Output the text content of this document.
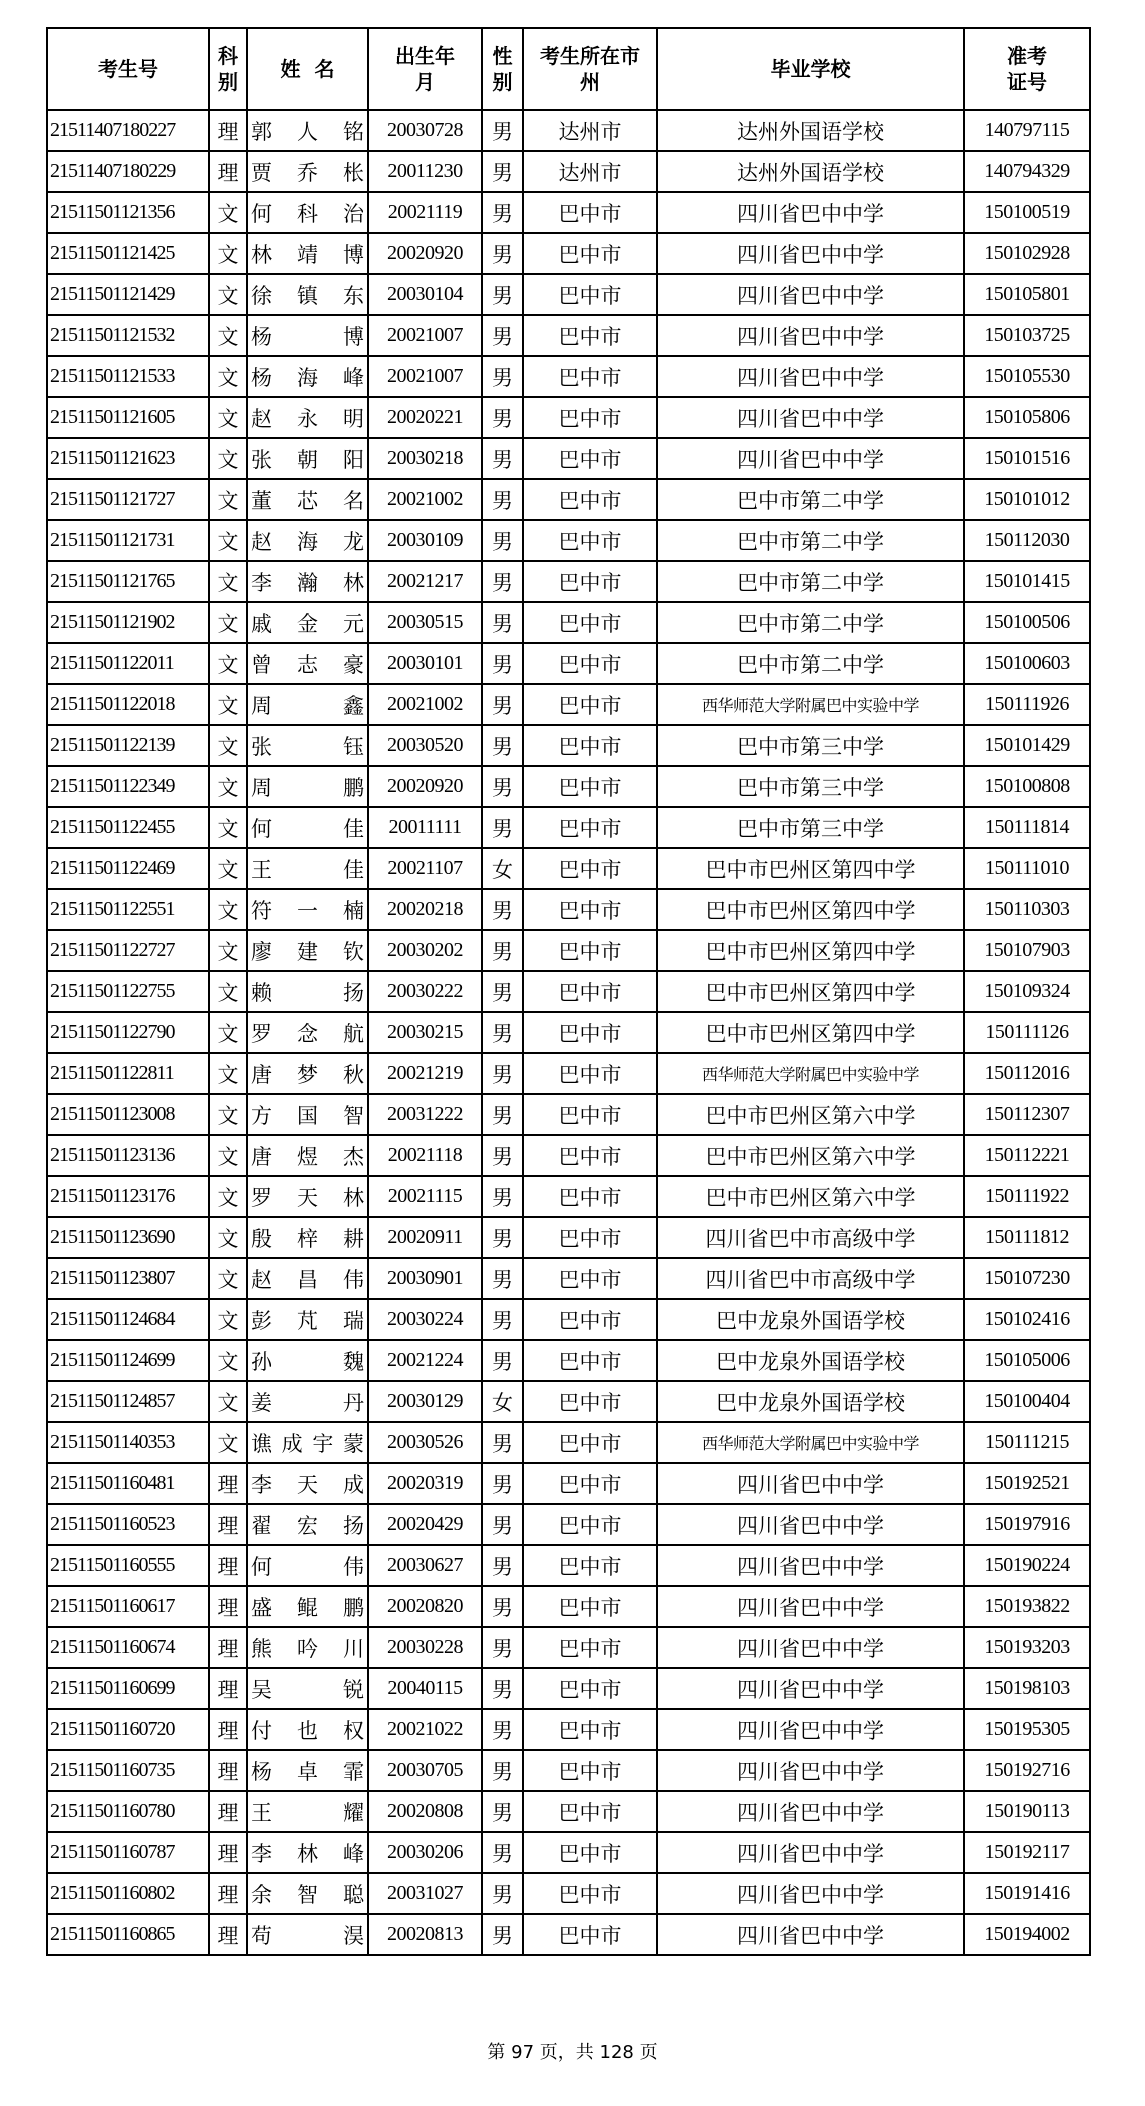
考生号	科别	姓  名	出生年月	性别	考生所在市州	毕业学校	准考证号
21511407180227	理	郭人铭	20030728	男	达州市	达州外国语学校	140797115
21511407180229	理	贾乔枨	20011230	男	达州市	达州外国语学校	140794329
21511501121356	文	何科治	20021119	男	巴中市	四川省巴中中学	150100519
21511501121425	文	林靖博	20020920	男	巴中市	四川省巴中中学	150102928
21511501121429	文	徐镇东	20030104	男	巴中市	四川省巴中中学	150105801
21511501121532	文	杨博	20021007	男	巴中市	四川省巴中中学	150103725
21511501121533	文	杨海峰	20021007	男	巴中市	四川省巴中中学	150105530
21511501121605	文	赵永明	20020221	男	巴中市	四川省巴中中学	150105806
21511501121623	文	张朝阳	20030218	男	巴中市	四川省巴中中学	150101516
21511501121727	文	董芯名	20021002	男	巴中市	巴中市第二中学	150101012
21511501121731	文	赵海龙	20030109	男	巴中市	巴中市第二中学	150112030
21511501121765	文	李瀚林	20021217	男	巴中市	巴中市第二中学	150101415
21511501121902	文	戚金元	20030515	男	巴中市	巴中市第二中学	150100506
21511501122011	文	曾志豪	20030101	男	巴中市	巴中市第二中学	150100603
21511501122018	文	周鑫	20021002	男	巴中市	西华师范大学附属巴中实验中学	150111926
21511501122139	文	张钰	20030520	男	巴中市	巴中市第三中学	150101429
21511501122349	文	周鹏	20020920	男	巴中市	巴中市第三中学	150100808
21511501122455	文	何佳	20011111	男	巴中市	巴中市第三中学	150111814
21511501122469	文	王佳	20021107	女	巴中市	巴中市巴州区第四中学	150111010
21511501122551	文	符一楠	20020218	男	巴中市	巴中市巴州区第四中学	150110303
21511501122727	文	廖建钦	20030202	男	巴中市	巴中市巴州区第四中学	150107903
21511501122755	文	赖扬	20030222	男	巴中市	巴中市巴州区第四中学	150109324
21511501122790	文	罗念航	20030215	男	巴中市	巴中市巴州区第四中学	150111126
21511501122811	文	唐梦秋	20021219	男	巴中市	西华师范大学附属巴中实验中学	150112016
21511501123008	文	方国智	20031222	男	巴中市	巴中市巴州区第六中学	150112307
21511501123136	文	唐煜杰	20021118	男	巴中市	巴中市巴州区第六中学	150112221
21511501123176	文	罗天林	20021115	男	巴中市	巴中市巴州区第六中学	150111922
21511501123690	文	殷梓耕	20020911	男	巴中市	四川省巴中市高级中学	150111812
21511501123807	文	赵昌伟	20030901	男	巴中市	四川省巴中市高级中学	150107230
21511501124684	文	彭芃瑞	20030224	男	巴中市	巴中龙泉外国语学校	150102416
21511501124699	文	孙魏	20021224	男	巴中市	巴中龙泉外国语学校	150105006
21511501124857	文	姜丹	20030129	女	巴中市	巴中龙泉外国语学校	150100404
21511501140353	文	谯成宇蒙	20030526	男	巴中市	西华师范大学附属巴中实验中学	150111215
21511501160481	理	李天成	20020319	男	巴中市	四川省巴中中学	150192521
21511501160523	理	翟宏扬	20020429	男	巴中市	四川省巴中中学	150197916
21511501160555	理	何伟	20030627	男	巴中市	四川省巴中中学	150190224
21511501160617	理	盛鲲鹏	20020820	男	巴中市	四川省巴中中学	150193822
21511501160674	理	熊吟川	20030228	男	巴中市	四川省巴中中学	150193203
21511501160699	理	吴锐	20040115	男	巴中市	四川省巴中中学	150198103
21511501160720	理	付也权	20021022	男	巴中市	四川省巴中中学	150195305
21511501160735	理	杨卓霏	20030705	男	巴中市	四川省巴中中学	150192716
21511501160780	理	王耀	20020808	男	巴中市	四川省巴中中学	150190113
21511501160787	理	李林峰	20030206	男	巴中市	四川省巴中中学	150192117
21511501160802	理	余智聪	20031027	男	巴中市	四川省巴中中学	150191416
21511501160865	理	苟淏	20020813	男	巴中市	四川省巴中中学	150194002
第 97 页，共 128 页
